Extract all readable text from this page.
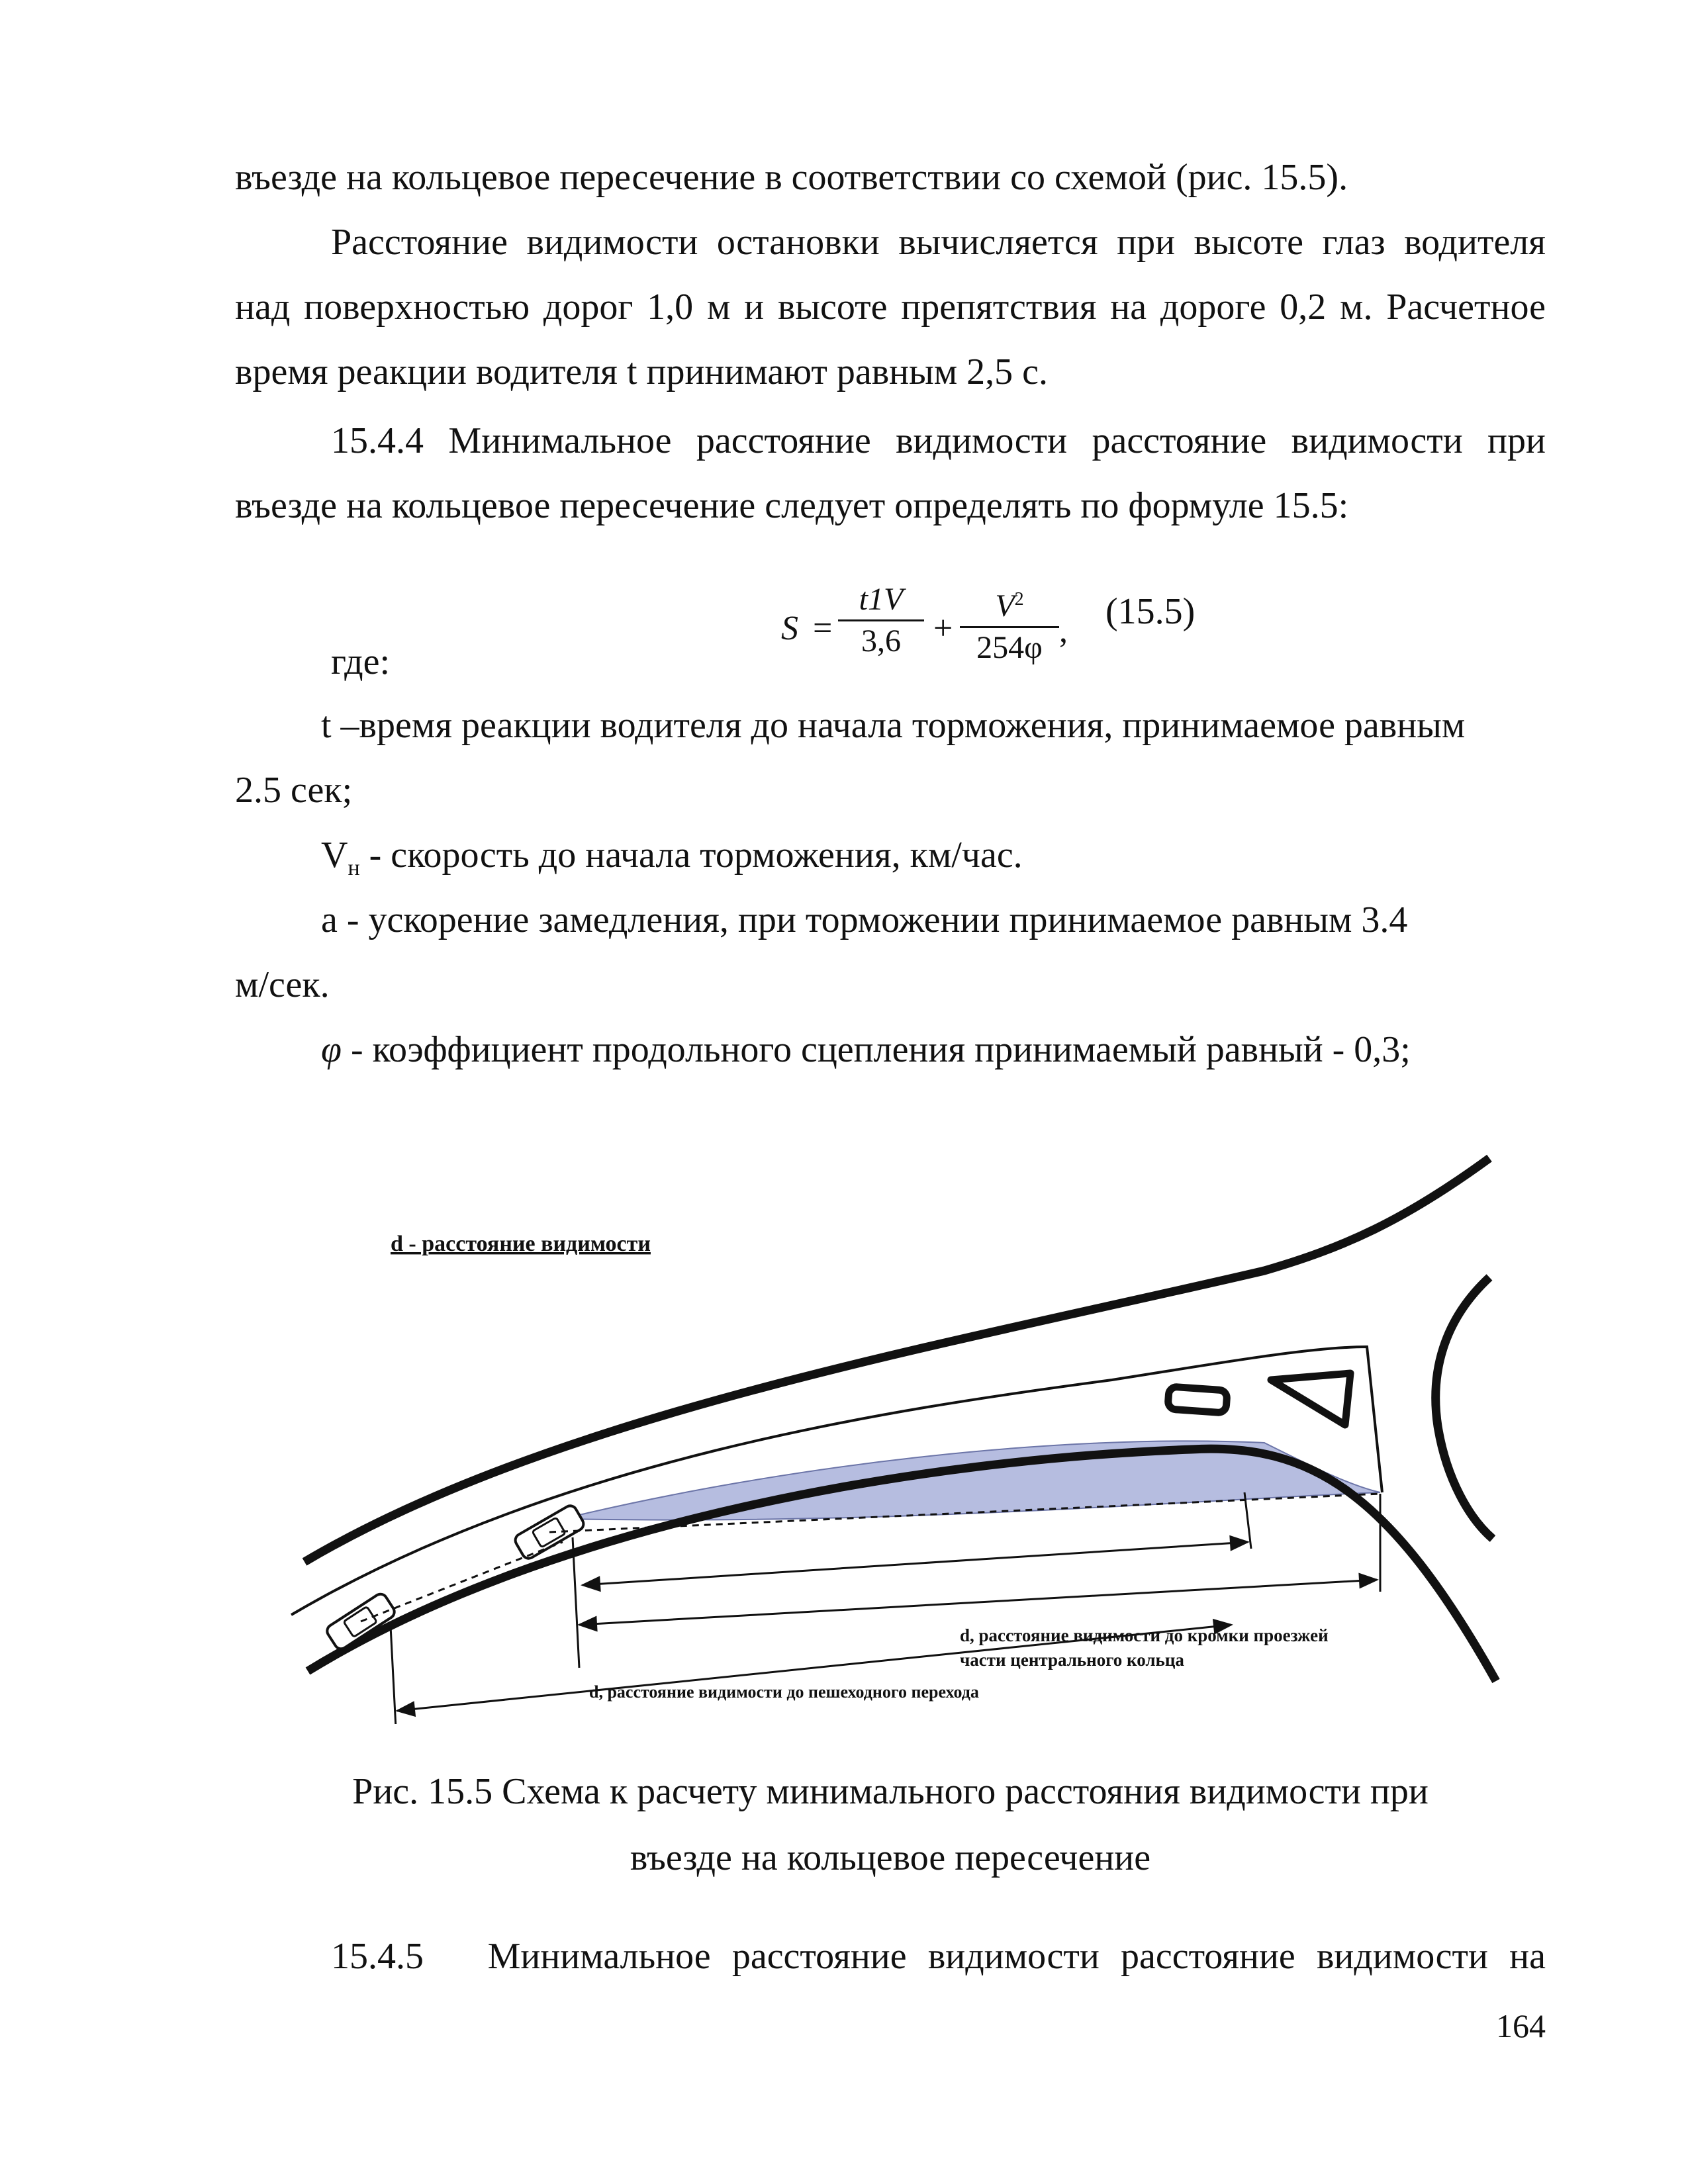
въезде на кольцевое пересечение в соответствии со схемой (рис. 15.5).

Расстояние видимости остановки вычисляется при высоте глаз водителя

над поверхностью дорог 1,0 м и высоте препятствия на дороге 0,2 м. Расчетное

время реакции водителя t принимают равным 2,5 с.

15.4.4 Минимальное расстояние видимости расстояние видимости при

въезде на кольцевое пересечение следует определять по формуле 15.5:

S =
t1V
3,6 +
$V^2$
254φ , (15.5)

где:

t –время реакции водителя до начала торможения, принимаемое равным

2.5 сек;

$V_н$ - скорость до начала торможения, км/час.

a - ускорение замедления, при торможении принимаемое равным 3.4

м/сек.

φ - коэффициент продольного сцепления принимаемый равный - 0,3;

d - расстояние видимости
d, расстояние видимости до кромки проезжей
части центрального кольца
d, расстояние видимости до пешеходного перехода

Рис. 15.5 Схема к расчету минимального расстояния видимости при

въезде на кольцевое пересечение

15.4.5   Минимальное расстояние видимости расстояние видимости на

164
